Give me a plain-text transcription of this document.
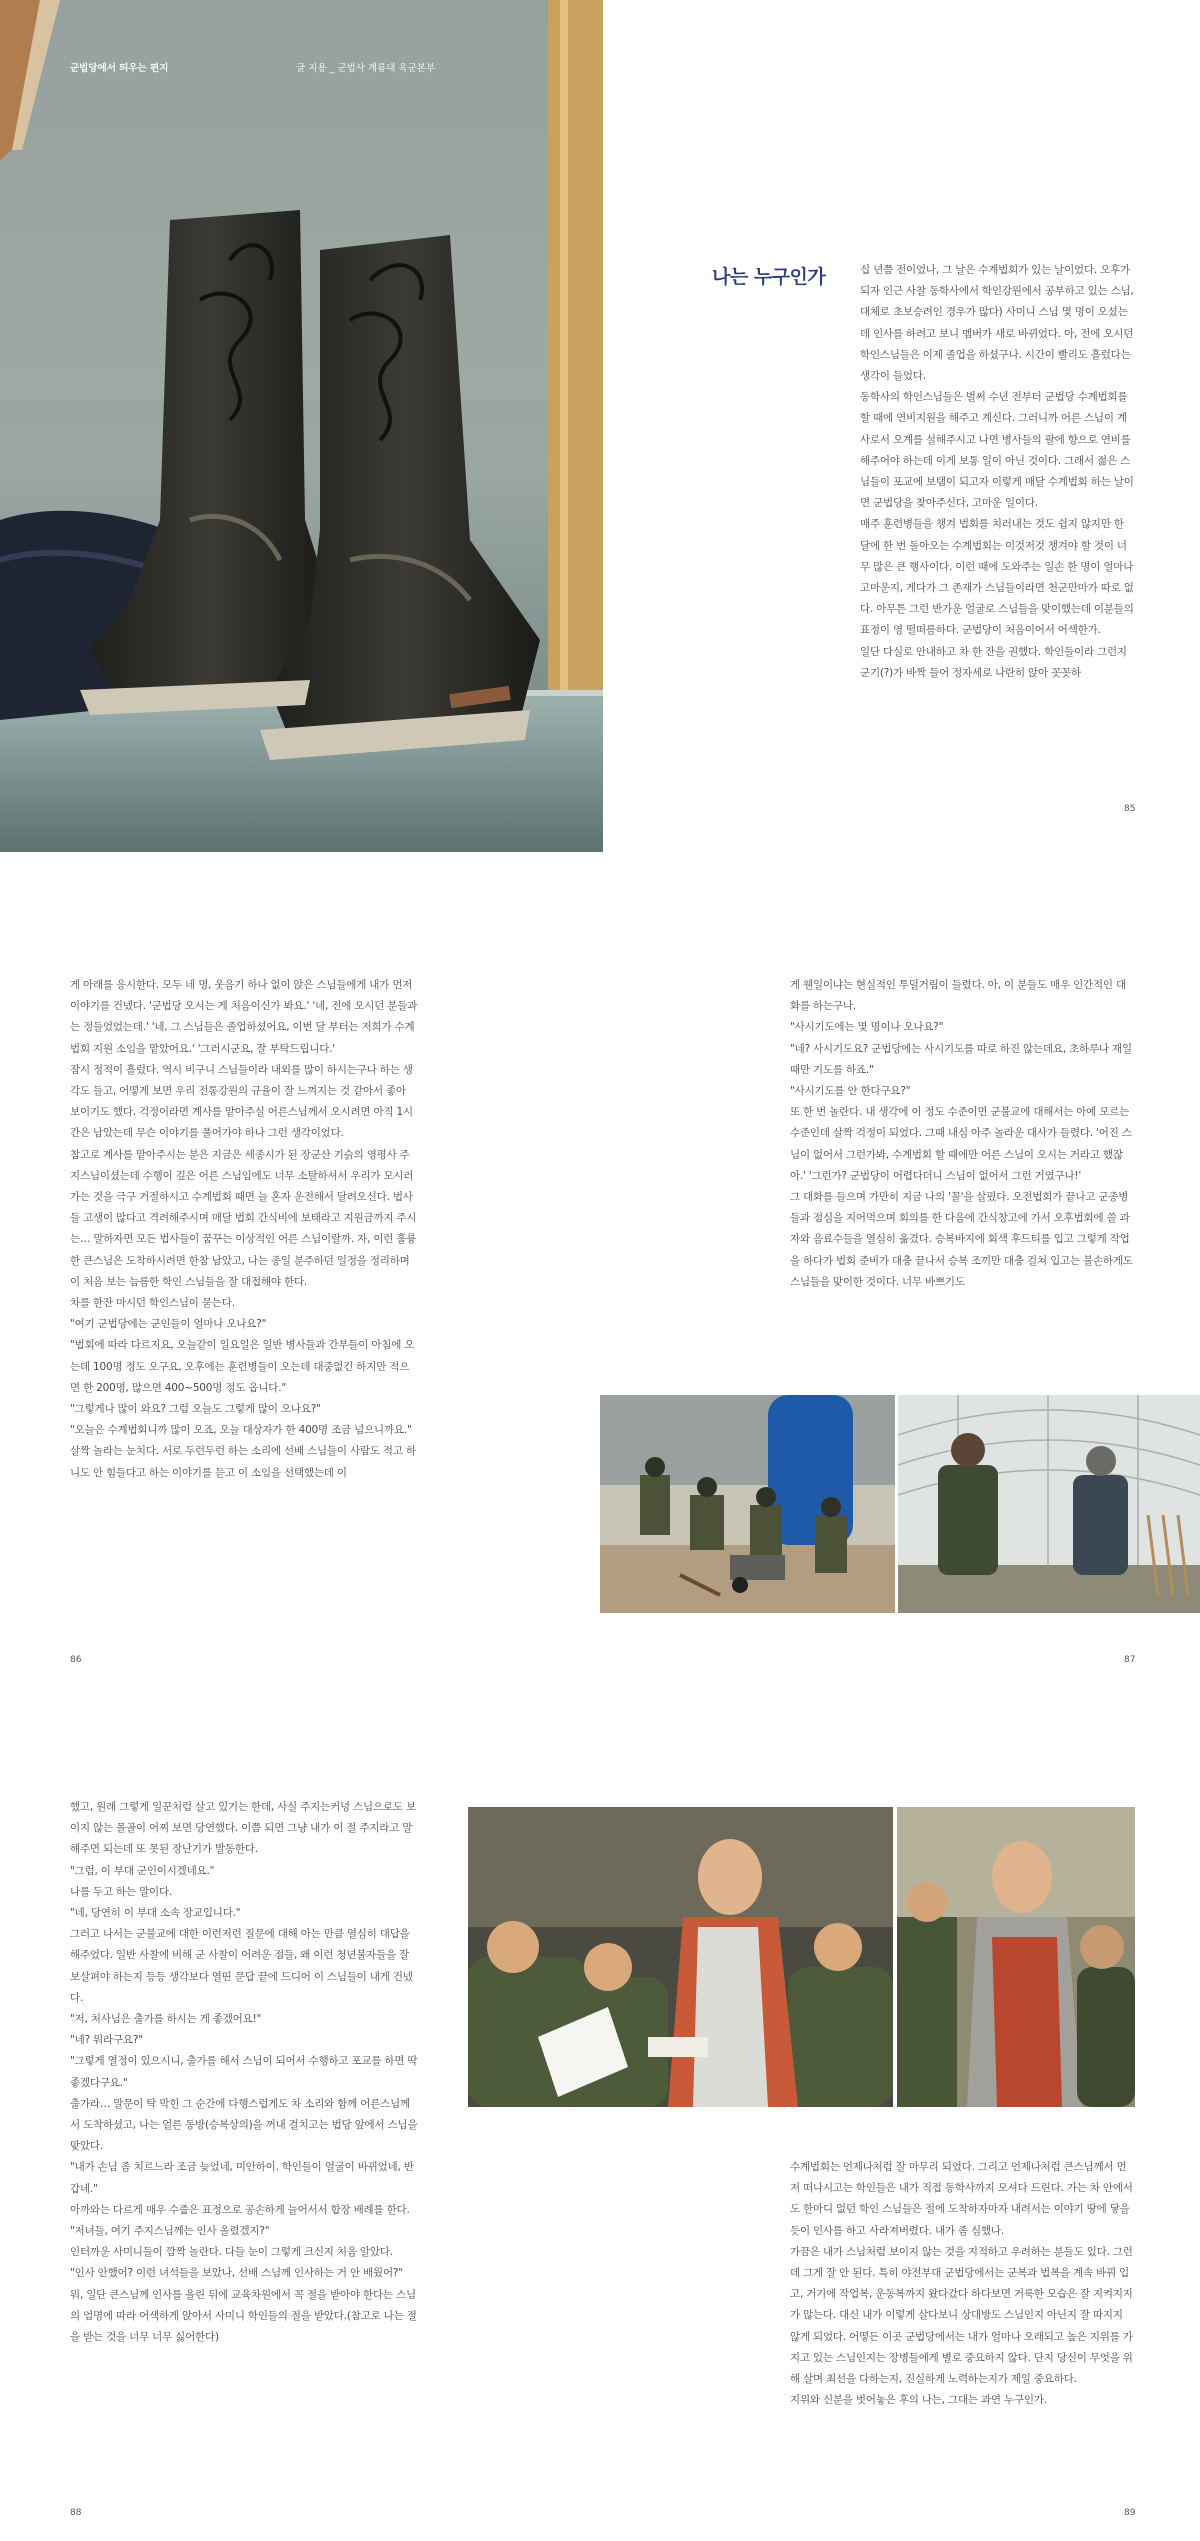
군법당에서 띄우는 편지	글 지용 _ 군법사 계룡대 육군본부
나는 누구인가	십 년쯤 전이었나, 그 날은 수계법회가 있는 날이었다. 오후가 되자 인근 사찰 동학사에서 학인강원에서 공부하고 있는 스님, 대체로 초보승려인 경우가 많다) 사미니 스님 몇 명이 오셨는데 인사를 하려고 보니 멤버가 새로 바뀌었다. 아, 전에 오시던 학인스님들은 이제 졸업을 하셨구나. 시간이 빨리도 흘렀다는 생각이 들었다.

동학사의 학인스님들은 벌써 수년 전부터 군법당 수계법회를 할 때에 연비지원을 해주고 계신다. 그러니까 어른 스님이 계사로서 오계를 설해주시고 나면 병사들의 팔에 향으로 연비를 해주어야 하는데 이게 보통 일이 아닌 것이다. 그래서 젊은 스님들이 포교에 보탬이 되고자 이렇게 매달 수계법회 하는 날이면 군법당을 찾아주신다, 고마운 일이다.

매주 훈련병들을 챙겨 법회를 치러내는 것도 쉽지 않지만 한 달에 한 번 돌아오는 수계법회는 이것저것 챙겨야 할 것이 너무 많은 큰 행사이다. 이런 때에 도와주는 일손 한 명이 얼마나 고마운지, 게다가 그 존재가 스님들이라면 천군만마가 따로 없다. 아무튼 그런 반가운 얼굴로 스님들을 맞이했는데 이분들의 표정이 영 떨떠름하다. 군법당이 처음이어서 어색한가.

일단 다실로 안내하고 차 한 잔을 권했다. 학인들이라 그런지 군기(?)가 바짝 들어 정자세로 나란히 앉아 꼿꼿하

85

게 아래를 응시한다. 모두 네 명, 웃음기 하나 없이 앉은 스님들에게 내가 먼저 이야기를 건넸다. '군법당 오시는 게 처음이신가 봐요.' '네, 전에 오시던 분들과는 정들었었는데.' '네, 그 스님들은 졸업하셨어요, 이번 달 부터는 저희가 수계법회 지원 소임을 맡았어요.' '그러시군요, 잘 부탁드립니다.'

잠시 정적이 흘렀다. 역시 비구니 스님들이라 내외를 많이 하시는구나 하는 생각도 들고, 어떻게 보면 우리 전통강원의 규율이 잘 느껴지는 것 같아서 좋아 보이기도 했다. 걱정이라면 계사를 맡아주실 어른스님께서 오시려면 아직 1시간은 남았는데 무슨 이야기를 풀어가야 하나 그런 생각이었다.

참고로 계사를 맡아주시는 분은 지금은 세종시가 된 장군산 기슭의 영평사 주지스님이셨는데 수행이 깊은 어른 스님임에도 너무 소탈하셔서 우리가 모시러 가는 것을 극구 거절하시고 수계법회 때면 늘 혼자 운전해서 달려오신다. 법사들 고생이 많다고 격려해주시며 매달 법회 간식비에 보태라고 지원금까지 주시는… 말하자면 모든 법사들이 꿈꾸는 이상적인 어른 스님이랄까. 자, 이런 훌륭한 큰스님은 도착하시려면 한참 남았고, 나는 종일 분주하던 일정을 정리하며 이 처음 보는 늠름한 학인 스님들을 잘 대접해야 한다.

차를 한잔 마시던 학인스님이 묻는다.

"여기 군법당에는 군인들이 얼마나 오나요?"

"법회에 따라 다르지요, 오늘같이 일요일은 일반 병사들과 간부들이 아침에 오는데 100명 정도 오구요, 오후에는 훈련병들이 오는데 대중없긴 하지만 적으면 한 200명, 많으면 400~500명 정도 옵니다."

"그렇게나 많이 와요? 그럼 오늘도 그렇게 많이 오나요?"

"오늘은 수계법회니까 많이 오죠, 오늘 대상자가 한 400명 조금 넘으니까요."

살짝 놀라는 눈치다. 서로 두런두런 하는 소리에 선배 스님들이 사람도 적고 하니도 안 힘들다고 하는 이야기를 듣고 이 소임을 선택했는데 이

86

게 웬일이냐는 현실적인 투덜거림이 들렸다. 아, 이 분들도 매우 인간적인 대화를 하는구나.

"사시기도에는 몇 명이나 오나요?"

"네? 사시기도요? 군법당에는 사시기도를 따로 하진 않는데요, 초하루나 재일 때만 기도를 하죠."

"사시기도를 안 한다구요?"

또 한 번 놀란다. 내 생각에 이 정도 수준이면 군불교에 대해서는 아예 모르는 수준인데 살짝 걱정이 되었다. 그때 내심 아주 놀라운 대사가 들렸다. '어진 스님이 없어서 그런가봐, 수계법회 할 때에만 어른 스님이 오시는 거라고 했잖아.' '그런가? 군법당이 어렵다더니 스님이 없어서 그런 거였구나!'

그 대화를 들으며 가만히 지금 나의 '꼴'을 살폈다. 오전법회가 끝나고 군종병들과 점심을 지어먹으며 회의를 한 다음에 간식창고에 가서 오후법회에 쓸 과자와 음료수들을 열심히 옮겼다. 승복바지에 회색 후드티를 입고 그렇게 작업을 하다가 법회 준비가 대충 끝나서 승복 조끼만 대충 걸쳐 입고는 불손하게도 스님들을 맞이한 것이다. 너무 바쁘기도

87

했고, 원래 그렇게 일꾼처럼 살고 있기는 한데, 사실 주지는커녕 스님으로도 보이지 않는 몰골이 어찌 보면 당연했다. 이쯤 되면 그냥 내가 이 절 주지라고 말해주면 되는데 또 못된 장난기가 발동한다.

"그럼, 이 부대 군인이시겠네요."

나를 두고 하는 말이다.

"네, 당연히 이 부대 소속 장교입니다."

그러고 나서는 군불교에 대한 이런저런 질문에 대해 아는 만큼 열심히 대답을 해주었다. 일반 사찰에 비해 군 사찰이 어려운 점들, 왜 이런 청년불자들을 잘 보살펴야 하는지 등등 생각보다 열띤 문답 끝에 드디어 이 스님들이 내게 건넸다.

"저, 처사님은 출가를 하시는 게 좋겠어요!"

"네? 뭐라구요?"

"그렇게 열정이 있으시니, 출가를 해서 스님이 되어서 수행하고 포교를 하면 딱 좋겠다구요."

출가라… 말문이 탁 막힌 그 순간에 다행스럽게도 차 소리와 함께 어른스님께서 도착하셨고, 나는 얼른 동방(승복상의)을 꺼내 걸치고는 법당 앞에서 스님을 맞았다.

"내가 손님 좀 치르느라 조금 늦었네, 미안하이. 학인들이 얼굴이 바뀌었네, 반갑네."

아까와는 다르게 매우 수줍은 표정으로 공손하게 늘어서서 합장 배례를 한다.

"저녀들, 여기 주지스님께는 인사 올렸겠지?"

인터까운 사미니들이 깜짝 놀란다. 다들 눈이 그렇게 크신지 처음 알았다.

"인사 안했어? 이런 녀석들을 보았나, 선배 스님께 인사하는 거 안 배웠어?"

뭐, 일단 큰스님께 인사를 올린 뒤에 교육차원에서 꼭 절을 받아야 한다는 스님의 엄명에 따라 어색하게 앉아서 사미니 학인들의 절을 받았다.(참고로 나는 절을 받는 것을 너무 너무 싫어한다)

88

수계법회는 언제나처럼 잘 마무리 되었다. 그리고 언제나처럼 큰스님께서 먼저 떠나시고는 학인들은 내가 직접 동학사까지 모셔다 드린다. 가는 차 안에서도 한마디 없던 학인 스님들은 절에 도착하자마자 내려서는 이야기 땅에 닿을 듯이 인사를 하고 사라져버렸다. 내가 좀 심했나.

가끔은 내가 스님처럼 보이지 않는 것을 지적하고 우려하는 분들도 있다. 그런데 그게 잘 안 된다. 특히 야전부대 군법당에서는 군복과 법복을 계속 바꿔 입고, 거기에 작업복, 운동복까지 왔다갔다 하다보면 거룩한 모습은 잘 지켜지지가 않는다. 대신 내가 이렇게 살다보니 상대방도 스님인지 아닌지 잘 따지지 않게 되었다. 어떻든 이곳 군법당에서는 내가 얼마나 오래되고 높은 지위를 가지고 있는 스님인지는 장병들에게 별로 중요하지 않다. 단지 당신이 무엇을 위해 살며 최선을 다하는지, 진실하게 노력하는지가 제일 중요하다.

지위와 신분을 벗어놓은 후의 나는, 그대는 과연 누구인가.

89
